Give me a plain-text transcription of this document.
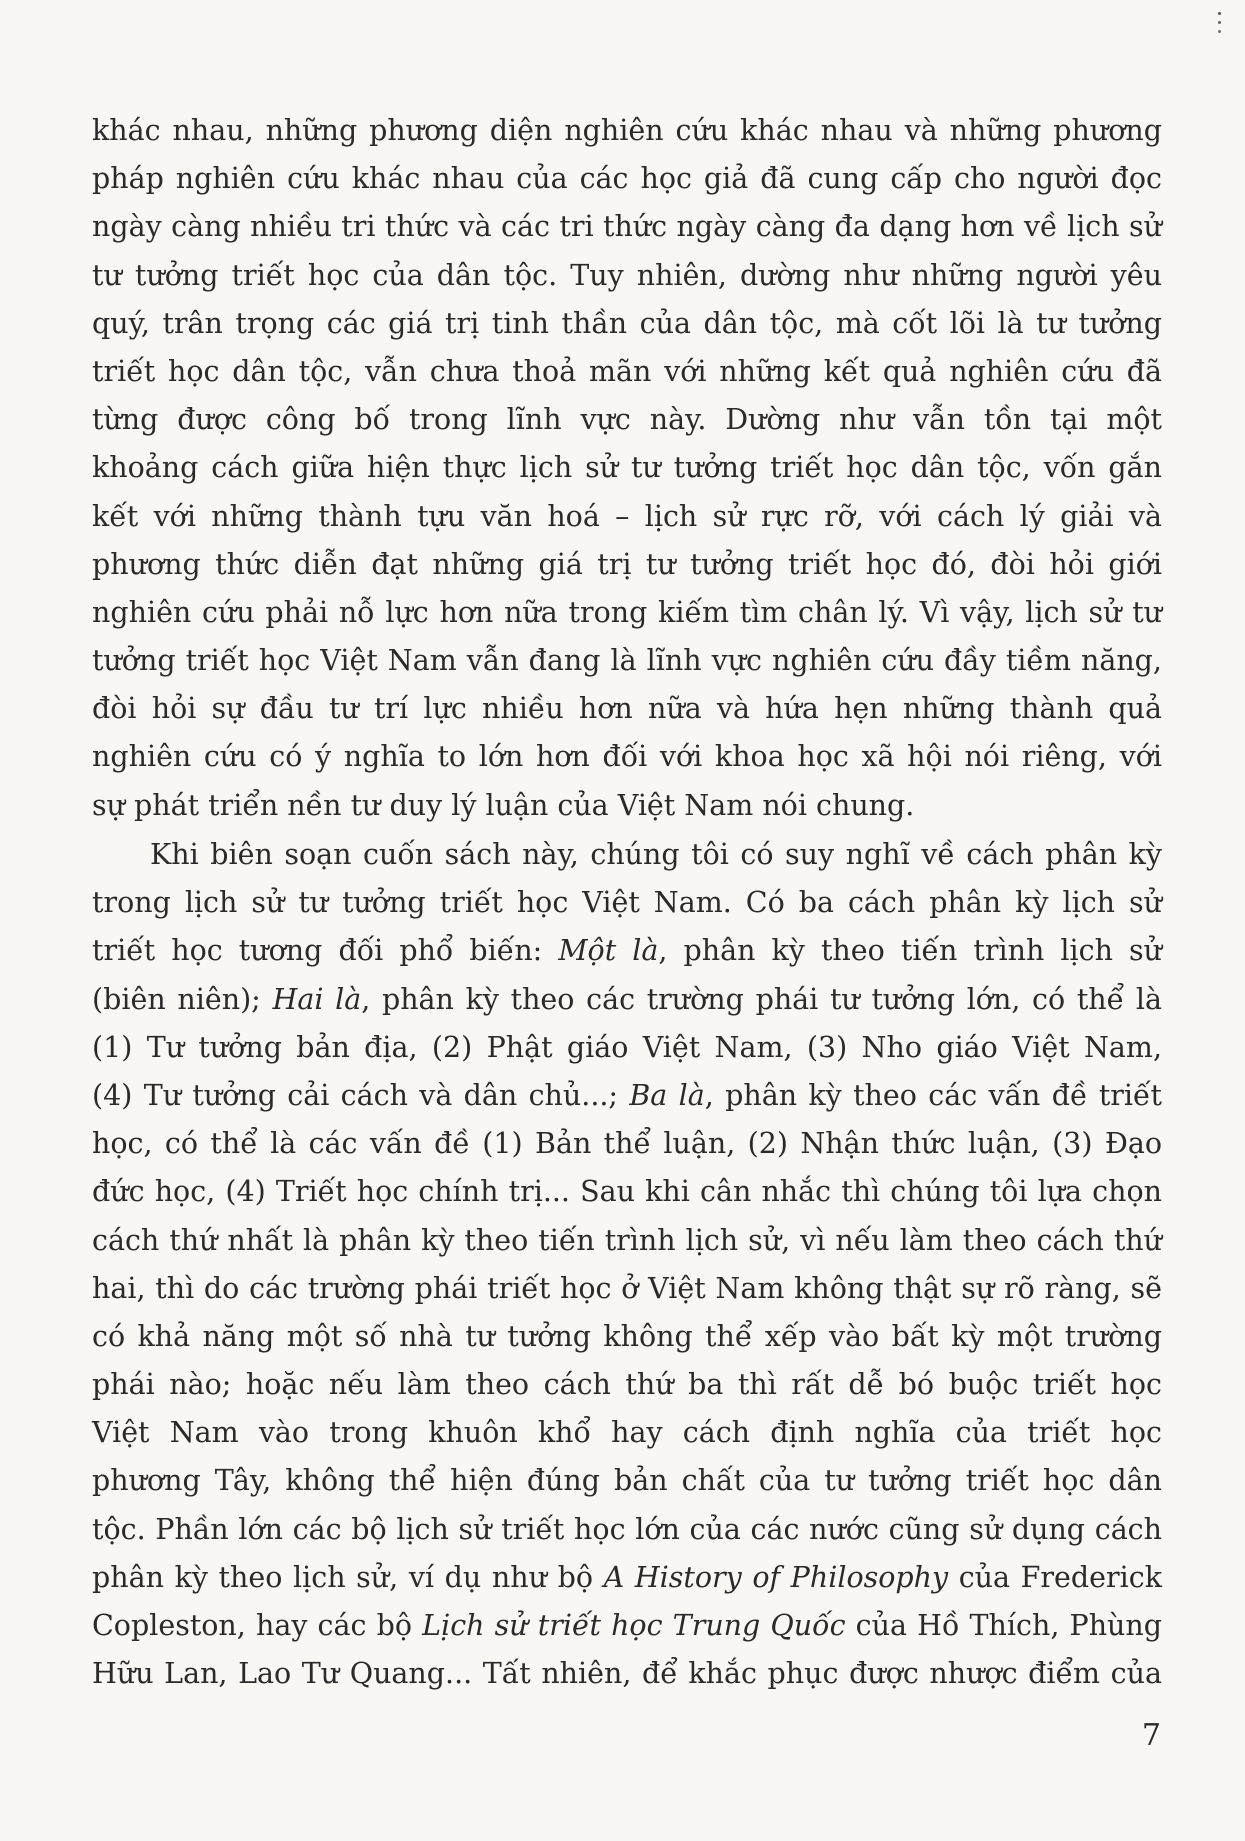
khác nhau, những phương diện nghiên cứu khác nhau và những phương
pháp nghiên cứu khác nhau của các học giả đã cung cấp cho người đọc
ngày càng nhiều tri thức và các tri thức ngày càng đa dạng hơn về lịch sử
tư tưởng triết học của dân tộc. Tuy nhiên, dường như những người yêu
quý, trân trọng các giá trị tinh thần của dân tộc, mà cốt lõi là tư tưởng
triết học dân tộc, vẫn chưa thoả mãn với những kết quả nghiên cứu đã
từng được công bố trong lĩnh vực này. Dường như vẫn tồn tại một
khoảng cách giữa hiện thực lịch sử tư tưởng triết học dân tộc, vốn gắn
kết với những thành tựu văn hoá – lịch sử rực rỡ, với cách lý giải và
phương thức diễn đạt những giá trị tư tưởng triết học đó, đòi hỏi giới
nghiên cứu phải nỗ lực hơn nữa trong kiếm tìm chân lý. Vì vậy, lịch sử tư
tưởng triết học Việt Nam vẫn đang là lĩnh vực nghiên cứu đầy tiềm năng,
đòi hỏi sự đầu tư trí lực nhiều hơn nữa và hứa hẹn những thành quả
nghiên cứu có ý nghĩa to lớn hơn đối với khoa học xã hội nói riêng, với
sự phát triển nền tư duy lý luận của Việt Nam nói chung.
Khi biên soạn cuốn sách này, chúng tôi có suy nghĩ về cách phân kỳ
trong lịch sử tư tưởng triết học Việt Nam. Có ba cách phân kỳ lịch sử
triết học tương đối phổ biến: Một là, phân kỳ theo tiến trình lịch sử
(biên niên); Hai là, phân kỳ theo các trường phái tư tưởng lớn, có thể là
(1) Tư tưởng bản địa, (2) Phật giáo Việt Nam, (3) Nho giáo Việt Nam,
(4) Tư tưởng cải cách và dân chủ...; Ba là, phân kỳ theo các vấn đề triết
học, có thể là các vấn đề (1) Bản thể luận, (2) Nhận thức luận, (3) Đạo
đức học, (4) Triết học chính trị... Sau khi cân nhắc thì chúng tôi lựa chọn
cách thứ nhất là phân kỳ theo tiến trình lịch sử, vì nếu làm theo cách thứ
hai, thì do các trường phái triết học ở Việt Nam không thật sự rõ ràng, sẽ
có khả năng một số nhà tư tưởng không thể xếp vào bất kỳ một trường
phái nào; hoặc nếu làm theo cách thứ ba thì rất dễ bó buộc triết học
Việt Nam vào trong khuôn khổ hay cách định nghĩa của triết học
phương Tây, không thể hiện đúng bản chất của tư tưởng triết học dân
tộc. Phần lớn các bộ lịch sử triết học lớn của các nước cũng sử dụng cách
phân kỳ theo lịch sử, ví dụ như bộ A History of Philosophy của Frederick
Copleston, hay các bộ Lịch sử triết học Trung Quốc của Hồ Thích, Phùng
Hữu Lan, Lao Tư Quang... Tất nhiên, để khắc phục được nhược điểm của
7
